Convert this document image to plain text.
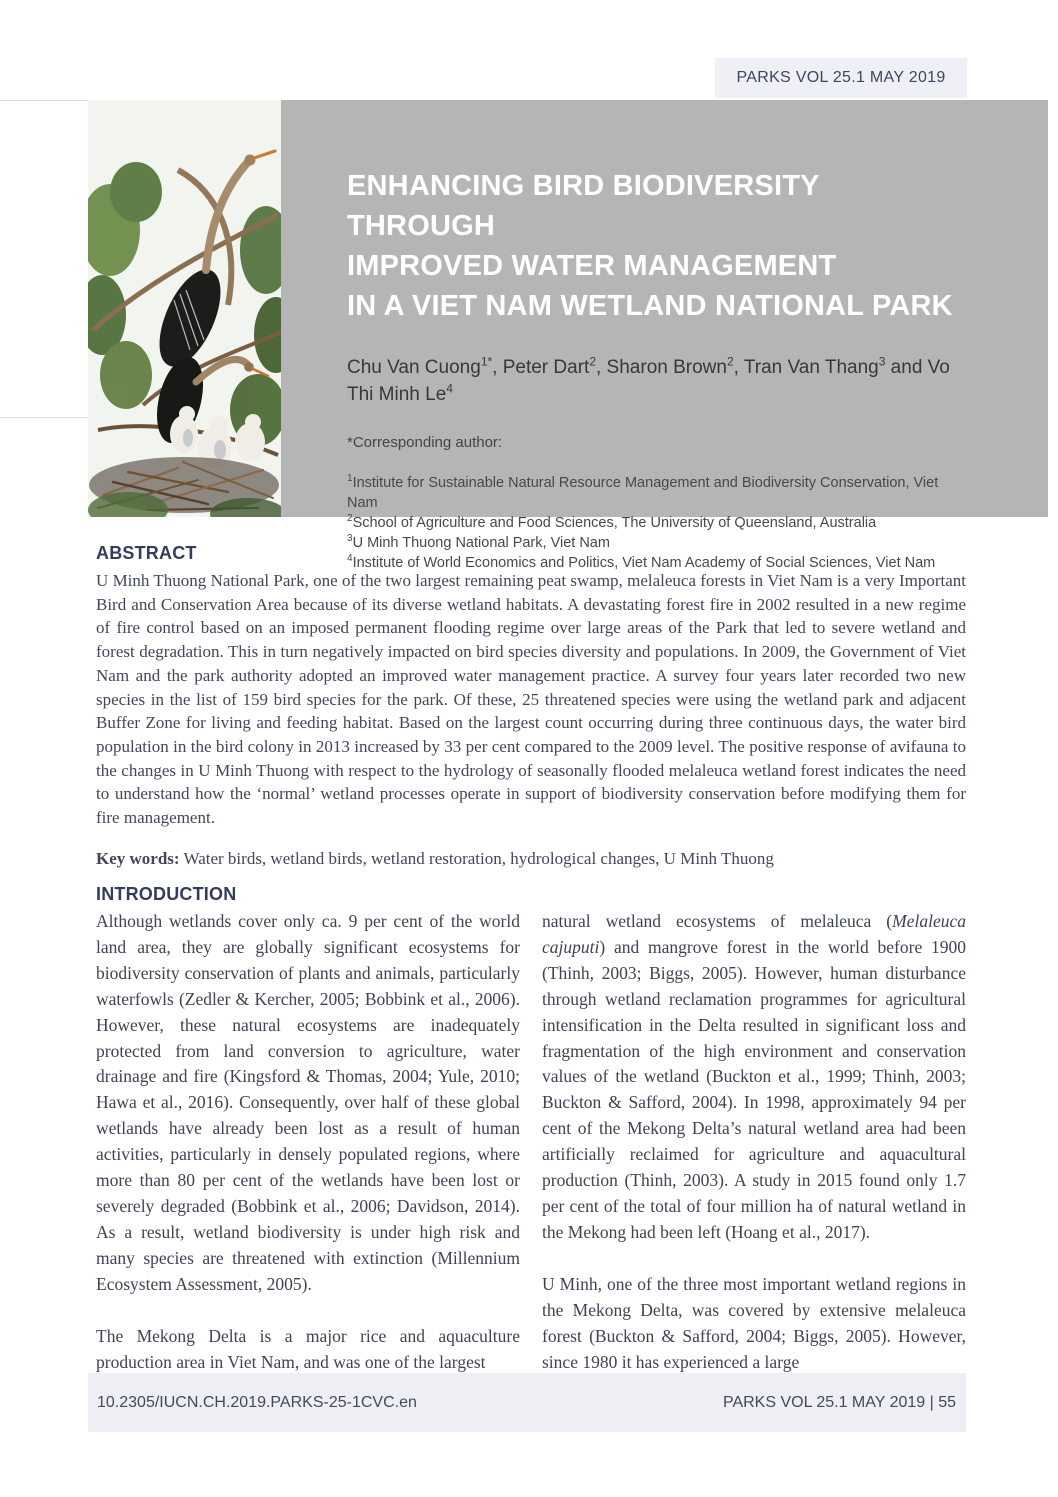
PARKS VOL 25.1 MAY 2019
ENHANCING BIRD BIODIVERSITY THROUGH
IMPROVED WATER MANAGEMENT
IN A VIET NAM WETLAND NATIONAL PARK

Chu Van Cuong$^{1*}$, Peter Dart$^2$, Sharon Brown$^2$, Tran Van Thang$^3$ and Vo Thi Minh Le$^4$

*Corresponding author:

$^1$Institute for Sustainable Natural Resource Management and Biodiversity Conservation, Viet Nam
$^2$School of Agriculture and Food Sciences, The University of Queensland, Australia
$^3$U Minh Thuong National Park, Viet Nam
$^4$Institute of World Economics and Politics, Viet Nam Academy of Social Sciences, Viet Nam
ABSTRACT

U Minh Thuong National Park, one of the two largest remaining peat swamp, melaleuca forests in Viet Nam is a very Important Bird and Conservation Area because of its diverse wetland habitats. A devastating forest fire in 2002 resulted in a new regime of fire control based on an imposed permanent flooding regime over large areas of the Park that led to severe wetland and forest degradation. This in turn negatively impacted on bird species diversity and populations. In 2009, the Government of Viet Nam and the park authority adopted an improved water management practice. A survey four years later recorded two new species in the list of 159 bird species for the park. Of these, 25 threatened species were using the wetland park and adjacent Buffer Zone for living and feeding habitat. Based on the largest count occurring during three continuous days, the water bird population in the bird colony in 2013 increased by 33 per cent compared to the 2009 level. The positive response of avifauna to the changes in U Minh Thuong with respect to the hydrology of seasonally flooded melaleuca wetland forest indicates the need to understand how the ‘normal’ wetland processes operate in support of biodiversity conservation before modifying them for fire management.

Key words: Water birds, wetland birds, wetland restoration, hydrological changes, U Minh Thuong

INTRODUCTION

Although wetlands cover only ca. 9 per cent of the world land area, they are globally significant ecosystems for biodiversity conservation of plants and animals, particularly waterfowls (Zedler & Kercher, 2005; Bobbink et al., 2006). However, these natural ecosystems are inadequately protected from land conversion to agriculture, water drainage and fire (Kingsford & Thomas, 2004; Yule, 2010; Hawa et al., 2016). Consequently, over half of these global wetlands have already been lost as a result of human activities, particularly in densely populated regions, where more than 80 per cent of the wetlands have been lost or severely degraded (Bobbink et al., 2006; Davidson, 2014). As a result, wetland biodiversity is under high risk and many species are threatened with extinction (Millennium Ecosystem Assessment, 2005).

The Mekong Delta is a major rice and aquaculture production area in Viet Nam, and was one of the largest

natural wetland ecosystems of melaleuca (Melaleuca cajuputi) and mangrove forest in the world before 1900 (Thinh, 2003; Biggs, 2005). However, human disturbance through wetland reclamation programmes for agricultural intensification in the Delta resulted in significant loss and fragmentation of the high environment and conservation values of the wetland (Buckton et al., 1999; Thinh, 2003; Buckton & Safford, 2004). In 1998, approximately 94 per cent of the Mekong Delta’s natural wetland area had been artificially reclaimed for agriculture and aquacultural production (Thinh, 2003). A study in 2015 found only 1.7 per cent of the total of four million ha of natural wetland in the Mekong had been left (Hoang et al., 2017).

U Minh, one of the three most important wetland regions in the Mekong Delta, was covered by extensive melaleuca forest (Buckton & Safford, 2004; Biggs, 2005). However, since 1980 it has experienced a large

10.2305/IUCN.CH.2019.PARKS-25-1CVC.en	PARKS VOL 25.1 MAY 2019 | 55
